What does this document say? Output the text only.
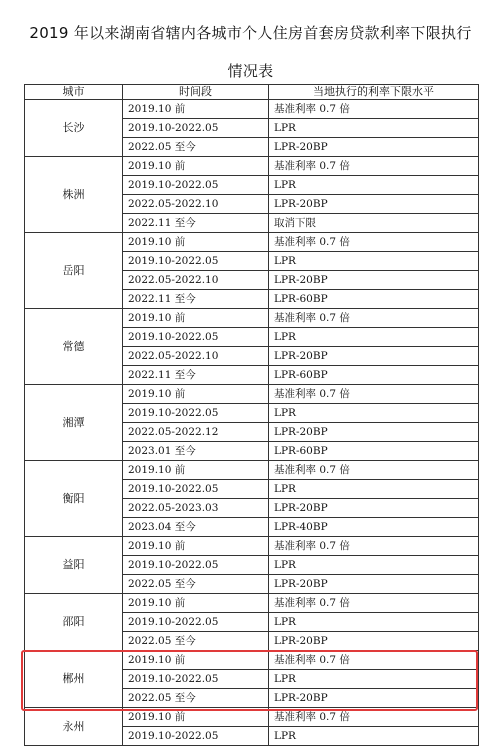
2019 年以来湖南省辖内各城市个人住房首套房贷款利率下限执行
情况表
城市	时间段	当地执行的利率下限水平
长沙	2019.10 前	基准利率 0.7 倍
	2019.10-2022.05	LPR
	2022.05 至今	LPR-20BP
株洲	2019.10 前	基准利率 0.7 倍
	2019.10-2022.05	LPR
	2022.05-2022.10	LPR-20BP
	2022.11 至今	取消下限
岳阳	2019.10 前	基准利率 0.7 倍
	2019.10-2022.05	LPR
	2022.05-2022.10	LPR-20BP
	2022.11 至今	LPR-60BP
常德	2019.10 前	基准利率 0.7 倍
	2019.10-2022.05	LPR
	2022.05-2022.10	LPR-20BP
	2022.11 至今	LPR-60BP
湘潭	2019.10 前	基准利率 0.7 倍
	2019.10-2022.05	LPR
	2022.05-2022.12	LPR-20BP
	2023.01 至今	LPR-60BP
衡阳	2019.10 前	基准利率 0.7 倍
	2019.10-2022.05	LPR
	2022.05-2023.03	LPR-20BP
	2023.04 至今	LPR-40BP
益阳	2019.10 前	基准利率 0.7 倍
	2019.10-2022.05	LPR
	2022.05 至今	LPR-20BP
邵阳	2019.10 前	基准利率 0.7 倍
	2019.10-2022.05	LPR
	2022.05 至今	LPR-20BP
郴州	2019.10 前	基准利率 0.7 倍
	2019.10-2022.05	LPR
	2022.05 至今	LPR-20BP
永州	2019.10 前	基准利率 0.7 倍
	2019.10-2022.05	LPR
